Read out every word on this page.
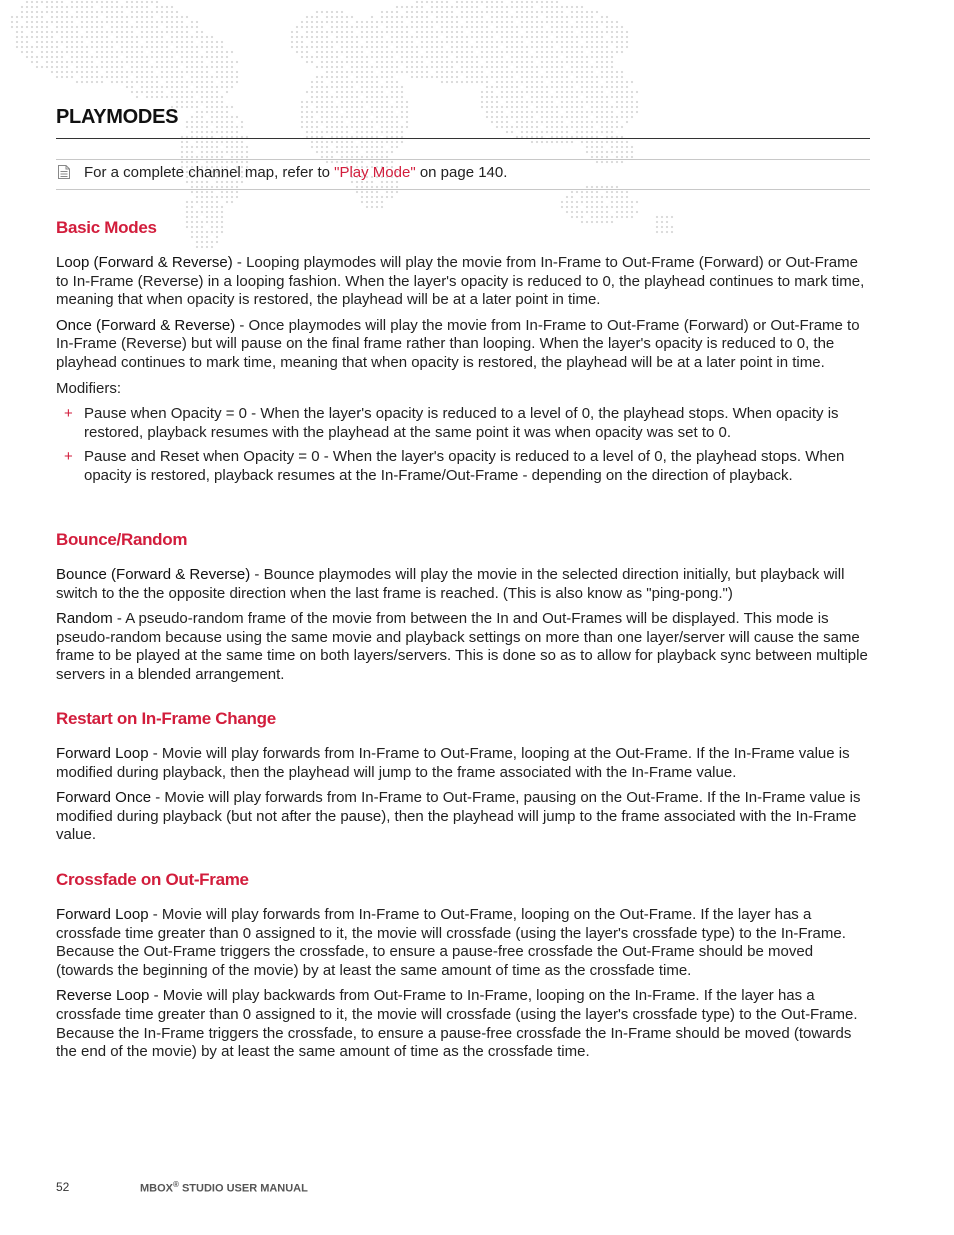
PLAYMODES
For a complete channel map, refer to "Play Mode" on page 140.
Basic Modes

Loop (Forward & Reverse) - Looping playmodes will play the movie from In-Frame to Out-Frame (Forward) or Out-Frame to In-Frame (Reverse) in a looping fashion. When the layer's opacity is reduced to 0, the playhead continues to mark time, meaning that when opacity is restored, the playhead will be at a later point in time.

Once (Forward & Reverse) - Once playmodes will play the movie from In-Frame to Out-Frame (Forward) or Out-Frame to In-Frame (Reverse) but will pause on the final frame rather than looping. When the layer's opacity is reduced to 0, the playhead continues to mark time, meaning that when opacity is restored, the playhead will be at a later point in time.

Modifiers:

+ Pause when Opacity = 0 - When the layer's opacity is reduced to a level of 0, the playhead stops. When opacity is restored, playback resumes with the playhead at the same point it was when opacity was set to 0.
+ Pause and Reset when Opacity = 0 - When the layer's opacity is reduced to a level of 0, the playhead stops. When opacity is restored, playback resumes at the In-Frame/Out-Frame - depending on the direction of playback.
Bounce/Random

Bounce (Forward & Reverse) - Bounce playmodes will play the movie in the selected direction initially, but playback will switch to the the opposite direction when the last frame is reached. (This is also know as "ping-pong.")

Random - A pseudo-random frame of the movie from between the In and Out-Frames will be displayed. This mode is pseudo-random because using the same movie and playback settings on more than one layer/server will cause the same frame to be played at the same time on both layers/servers. This is done so as to allow for playback sync between multiple servers in a blended arrangement.

Restart on In-Frame Change

Forward Loop - Movie will play forwards from In-Frame to Out-Frame, looping at the Out-Frame. If the In-Frame value is modified during playback, then the playhead will jump to the frame associated with the In-Frame value.

Forward Once - Movie will play forwards from In-Frame to Out-Frame, pausing on the Out-Frame. If the In-Frame value is modified during playback (but not after the pause), then the playhead will jump to the frame associated with the In-Frame value.

Crossfade on Out-Frame

Forward Loop - Movie will play forwards from In-Frame to Out-Frame, looping on the Out-Frame. If the layer has a crossfade time greater than 0 assigned to it, the movie will crossfade (using the layer's crossfade type) to the In-Frame. Because the Out-Frame triggers the crossfade, to ensure a pause-free crossfade the Out-Frame should be moved (towards the beginning of the movie) by at least the same amount of time as the crossfade time.

Reverse Loop - Movie will play backwards from Out-Frame to In-Frame, looping on the In-Frame. If the layer has a crossfade time greater than 0 assigned to it, the movie will crossfade (using the layer's crossfade type) to the Out-Frame. Because the In-Frame triggers the crossfade, to ensure a pause-free crossfade the In-Frame should be moved (towards the end of the movie) by at least the same amount of time as the crossfade time.

52	MBOX® STUDIO USER MANUAL
